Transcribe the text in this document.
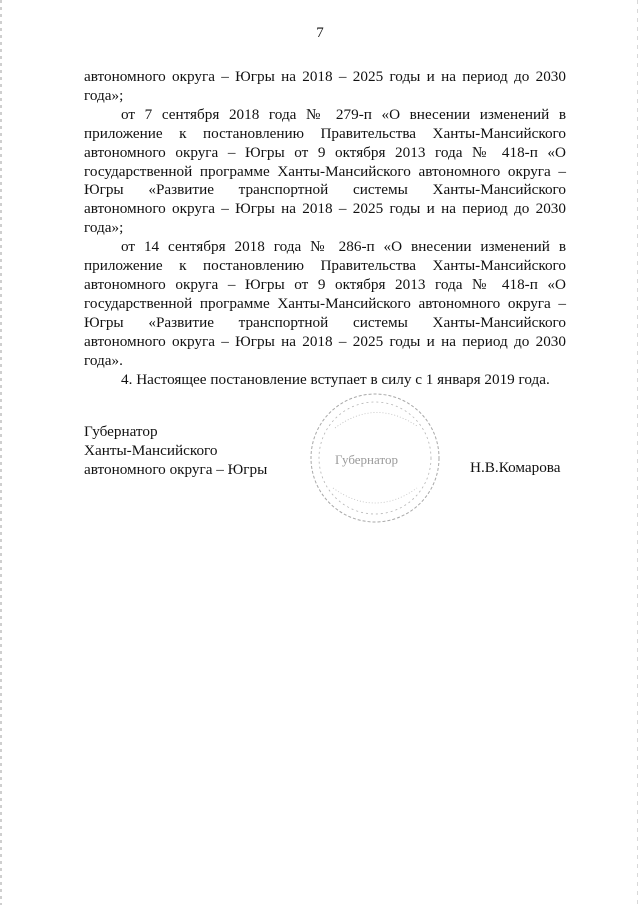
7

автономного округа – Югры на 2018 – 2025 годы и на период до 2030 года»;

от 7 сентября 2018 года № 279-п «О внесении изменений в приложение к постановлению Правительства Ханты-Мансийского автономного округа – Югры от 9 октября 2013 года № 418-п «О государственной программе Ханты-Мансийского автономного округа – Югры «Развитие транспортной системы Ханты-Мансийского автономного округа – Югры на 2018 – 2025 годы и на период до 2030 года»;

от 14 сентября 2018 года № 286-п «О внесении изменений в приложение к постановлению Правительства Ханты-Мансийского автономного округа – Югры от 9 октября 2013 года № 418-п «О государственной программе Ханты-Мансийского автономного округа – Югры «Развитие транспортной системы Ханты-Мансийского автономного округа – Югры на 2018 – 2025 годы и на период до 2030 года».

4. Настоящее постановление вступает в силу с 1 января 2019 года.

Губернатор
Ханты-Мансийского
автономного округа – Югры	Н.В.Комарова
Губернатор
